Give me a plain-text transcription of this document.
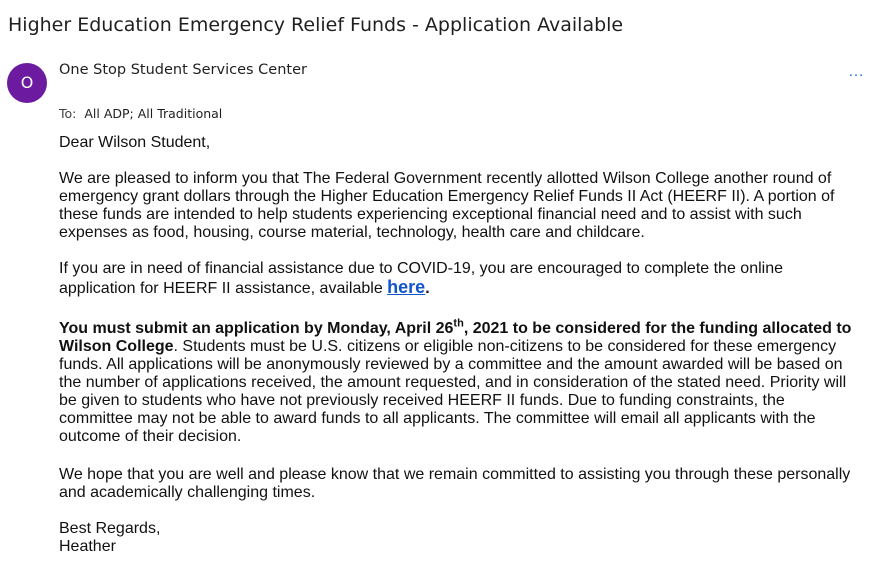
Higher Education Emergency Relief Funds - Application Available
O
One Stop Student Services Center	…
To: All ADP; All Traditional

Dear Wilson Student,

We are pleased to inform you that The Federal Government recently allotted Wilson College another round of emergency grant dollars through the Higher Education Emergency Relief Funds II Act (HEERF II). A portion of these funds are intended to help students experiencing exceptional financial need and to assist with such expenses as food, housing, course material, technology, health care and childcare.

If you are in need of financial assistance due to COVID-19, you are encouraged to complete the online application for HEERF II assistance, available here.

You must submit an application by Monday, April 26th, 2021 to be considered for the funding allocated to Wilson College. Students must be U.S. citizens or eligible non-citizens to be considered for these emergency funds. All applications will be anonymously reviewed by a committee and the amount awarded will be based on the number of applications received, the amount requested, and in consideration of the stated need. Priority will be given to students who have not previously received HEERF II funds. Due to funding constraints, the committee may not be able to award funds to all applicants. The committee will email all applicants with the outcome of their decision.

We hope that you are well and please know that we remain committed to assisting you through these personally and academically challenging times.

Best Regards,

Heather
